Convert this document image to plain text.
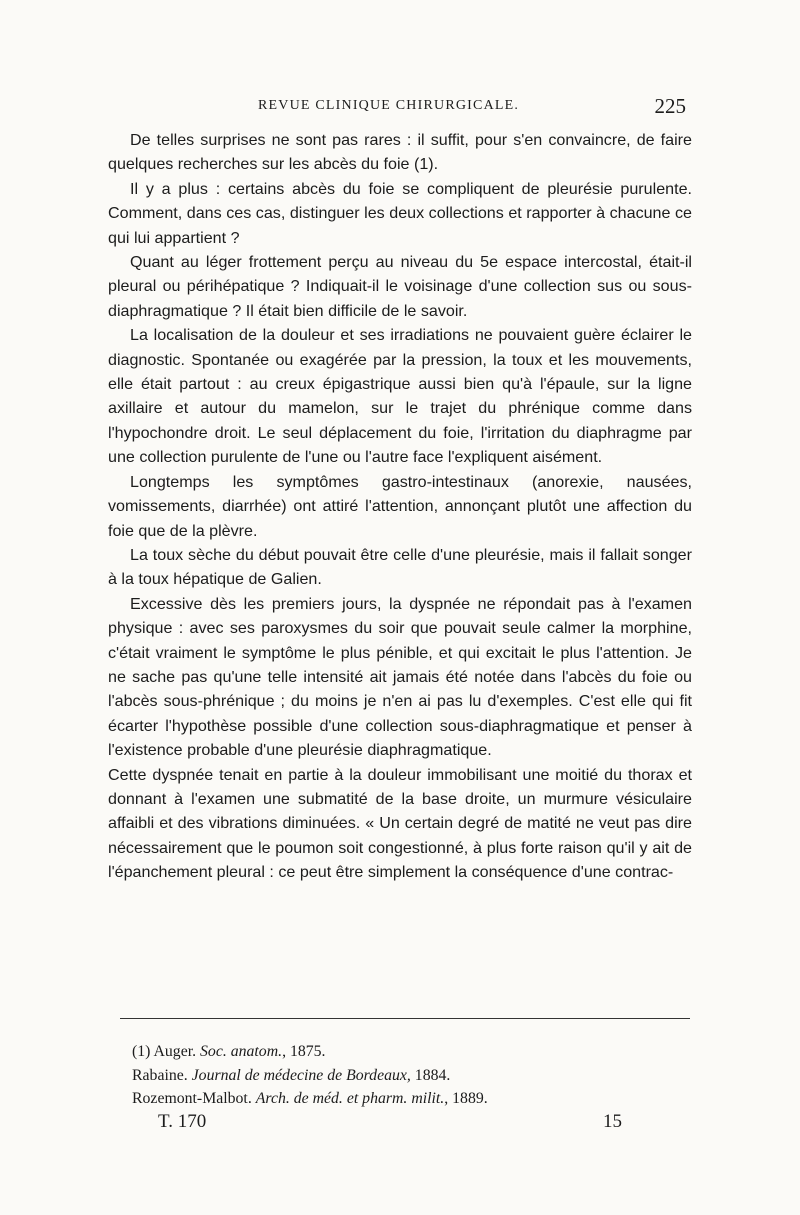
REVUE CLINIQUE CHIRURGICALE.	225

De telles surprises ne sont pas rares : il suffit, pour s'en convaincre, de faire quelques recherches sur les abcès du foie (1).

Il y a plus : certains abcès du foie se compliquent de pleurésie purulente. Comment, dans ces cas, distinguer les deux collections et rapporter à chacune ce qui lui appartient ?

Quant au léger frottement perçu au niveau du 5e espace intercostal, était-il pleural ou périhépatique ? Indiquait-il le voisinage d'une collection sus ou sous-diaphragmatique ? Il était bien difficile de le savoir.

La localisation de la douleur et ses irradiations ne pouvaient guère éclairer le diagnostic. Spontanée ou exagérée par la pression, la toux et les mouvements, elle était partout : au creux épigastrique aussi bien qu'à l'épaule, sur la ligne axillaire et autour du mamelon, sur le trajet du phrénique comme dans l'hypochondre droit. Le seul déplacement du foie, l'irritation du diaphragme par une collection purulente de l'une ou l'autre face l'expliquent aisément.

Longtemps les symptômes gastro-intestinaux (anorexie, nausées, vomissements, diarrhée) ont attiré l'attention, annonçant plutôt une affection du foie que de la plèvre.

La toux sèche du début pouvait être celle d'une pleurésie, mais il fallait songer à la toux hépatique de Galien.

Excessive dès les premiers jours, la dyspnée ne répondait pas à l'examen physique : avec ses paroxysmes du soir que pouvait seule calmer la morphine, c'était vraiment le symptôme le plus pénible, et qui excitait le plus l'attention. Je ne sache pas qu'une telle intensité ait jamais été notée dans l'abcès du foie ou l'abcès sous-phrénique ; du moins je n'en ai pas lu d'exemples. C'est elle qui fit écarter l'hypothèse possible d'une collection sous-diaphragmatique et penser à l'existence probable d'une pleurésie diaphragmatique.

Cette dyspnée tenait en partie à la douleur immobilisant une moitié du thorax et donnant à l'examen une submatité de la base droite, un murmure vésiculaire affaibli et des vibrations diminuées. « Un certain degré de matité ne veut pas dire nécessairement que le poumon soit congestionné, à plus forte raison qu'il y ait de l'épanchement pleural : ce peut être simplement la conséquence d'une contrac-

(1) Auger. Soc. anatom., 1875.
Rabaine. Journal de médecine de Bordeaux, 1884.
Rozemont-Malbot. Arch. de méd. et pharm. milit., 1889.
T. 170	15
